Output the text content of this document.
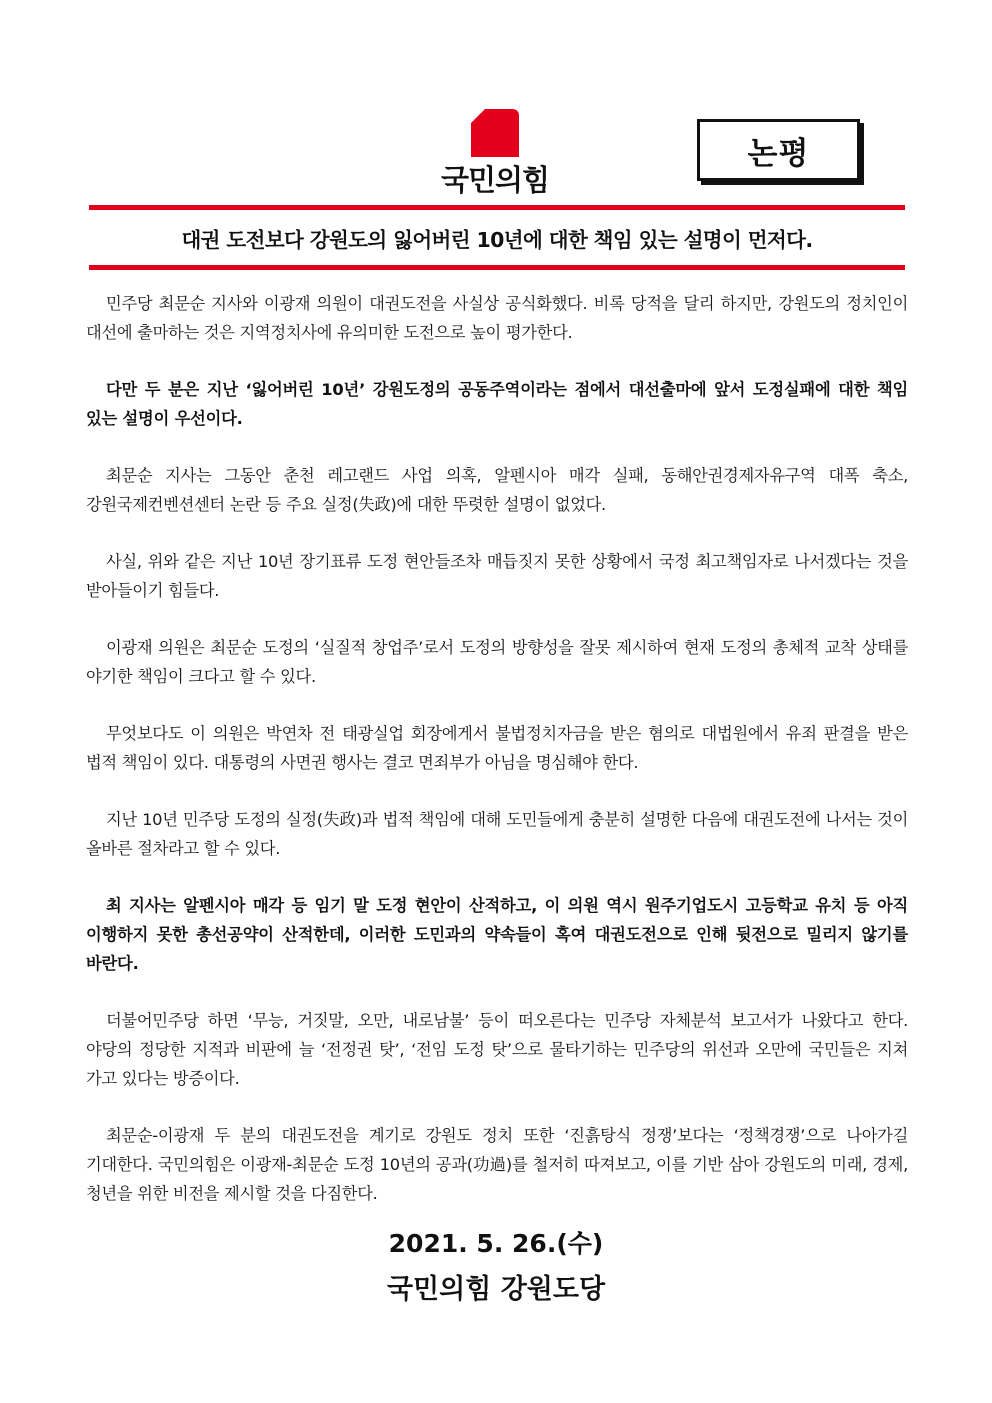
국민의힘
논평
대권 도전보다 강원도의 잃어버린 10년에 대한 책임 있는 설명이 먼저다.

민주당 최문순 지사와 이광재 의원이 대권도전을 사실상 공식화했다. 비록 당적을 달리 하지만, 강원도의 정치인이 대선에 출마하는 것은 지역정치사에 유의미한 도전으로 높이 평가한다.

다만 두 분은 지난 ‘잃어버린 10년’ 강원도정의 공동주역이라는 점에서 대선출마에 앞서 도정실패에 대한 책임 있는 설명이 우선이다.

최문순 지사는 그동안 춘천 레고랜드 사업 의혹, 알펜시아 매각 실패, 동해안권경제자유구역 대폭 축소, 강원국제컨벤션센터 논란 등 주요 실정(失政)에 대한 뚜렷한 설명이 없었다.

사실, 위와 같은 지난 10년 장기표류 도정 현안들조차 매듭짓지 못한 상황에서 국정 최고책임자로 나서겠다는 것을 받아들이기 힘들다.

이광재 의원은 최문순 도정의 ‘실질적 창업주’로서 도정의 방향성을 잘못 제시하여 현재 도정의 총체적 교착 상태를 야기한 책임이 크다고 할 수 있다.

무엇보다도 이 의원은 박연차 전 태광실업 회장에게서 불법정치자금을 받은 혐의로 대법원에서 유죄 판결을 받은 법적 책임이 있다. 대통령의 사면권 행사는 결코 면죄부가 아님을 명심해야 한다.

지난 10년 민주당 도정의 실정(失政)과 법적 책임에 대해 도민들에게 충분히 설명한 다음에 대권도전에 나서는 것이 올바른 절차라고 할 수 있다.

최 지사는 알펜시아 매각 등 임기 말 도정 현안이 산적하고, 이 의원 역시 원주기업도시 고등학교 유치 등 아직 이행하지 못한 총선공약이 산적한데, 이러한 도민과의 약속들이 혹여 대권도전으로 인해 뒷전으로 밀리지 않기를 바란다.

더불어민주당 하면 ‘무능, 거짓말, 오만, 내로남불’ 등이 떠오른다는 민주당 자체분석 보고서가 나왔다고 한다. 야당의 정당한 지적과 비판에 늘 ‘전정권 탓’, ‘전임 도정 탓’으로 물타기하는 민주당의 위선과 오만에 국민들은 지쳐 가고 있다는 방증이다.

최문순-이광재 두 분의 대권도전을 계기로 강원도 정치 또한 ‘진흙탕식 정쟁’보다는 ‘정책경쟁’으로 나아가길 기대한다. 국민의힘은 이광재-최문순 도정 10년의 공과(功過)를 철저히 따져보고, 이를 기반 삼아 강원도의 미래, 경제, 청년을 위한 비전을 제시할 것을 다짐한다.

2021. 5. 26.(수)
국민의힘 강원도당
